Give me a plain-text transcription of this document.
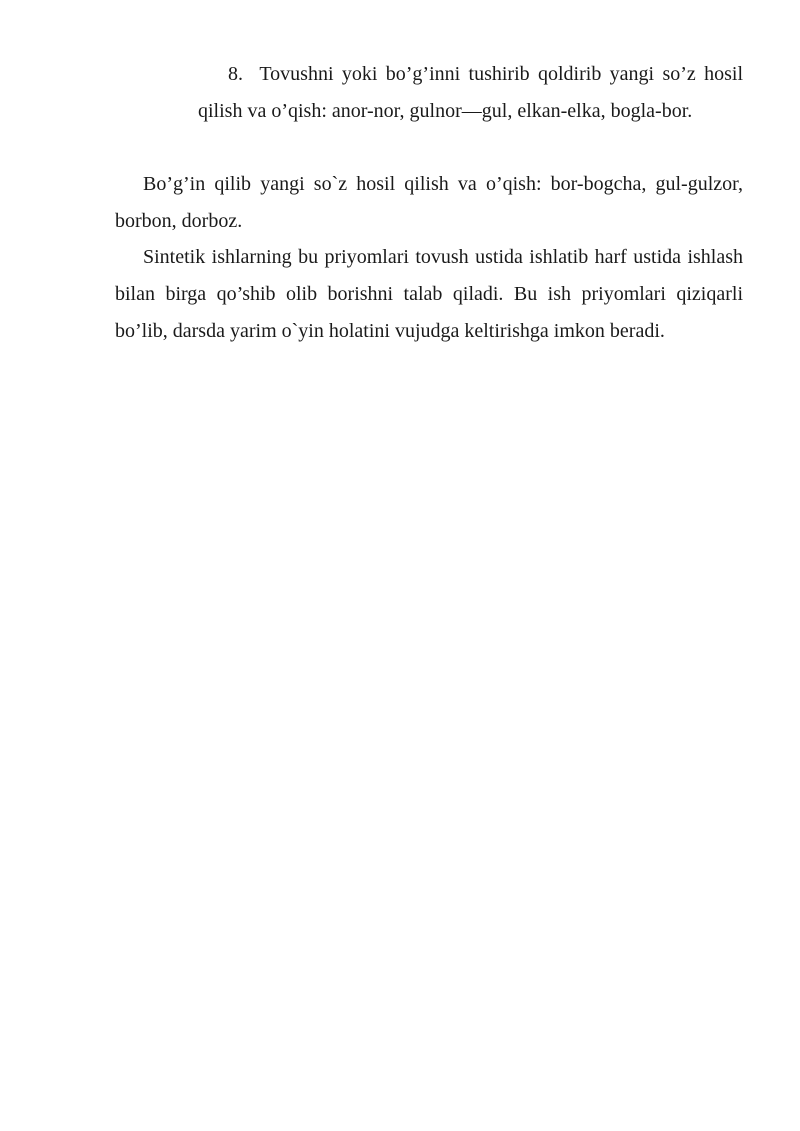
8. Tovushni yoki bo’g’inni tushirib qoldirib yangi so’z hosil qilish va o’qish: anor-nor, gulnor—gul, elkan-elka, bogla-bor.

Bo’g’in qilib yangi so`z hosil qilish va o’qish: bor-bogcha, gul-gulzor, borbon, dorboz.

Sintetik ishlarning bu priyomlari tovush ustida ishlatib harf ustida ishlash bilan birga qo’shib olib borishni talab qiladi. Bu ish priyomlari qiziqarli bo’lib, darsda yarim o`yin holatini vujudga keltirishga imkon beradi.
